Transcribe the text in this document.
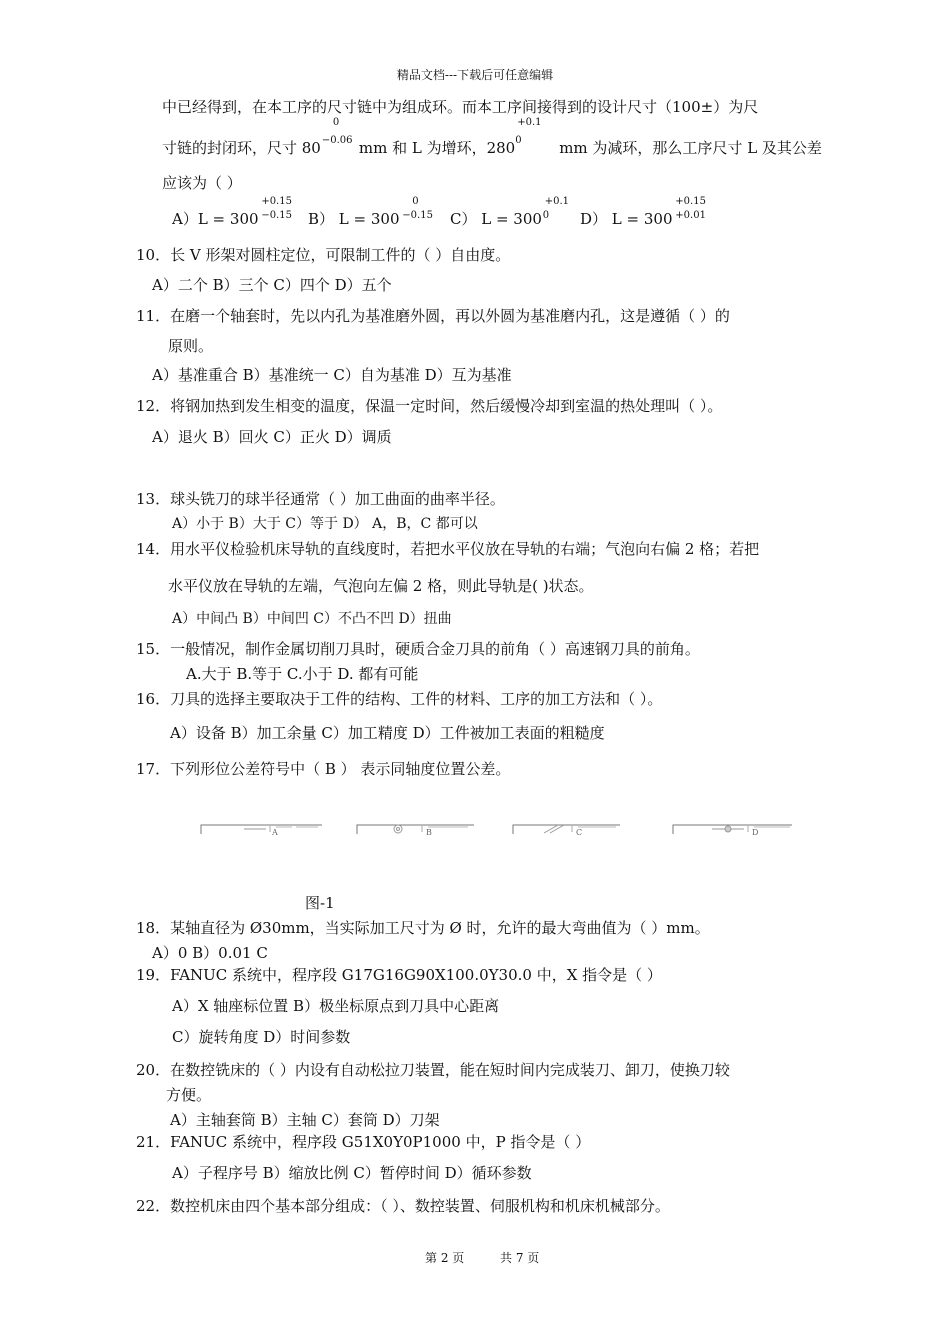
精品文档---下载后可任意编辑
中已经得到，在本工序的尺寸链中为组成环。而本工序间接得到的设计尺寸（100±）为尺
寸链的封闭环，尺寸 80
0
−0.06 mm 和 L 为增环，280
+0.1
0	mm 为减环，那么工序尺寸 L 及其公差
应该为（ ）
A）L = 300
+0.15
−0.15 B） L = 300
0
−0.15 C） L = 300
+0.1
0 D） L = 300
+0.15
+0.01
10．长 V 形架对圆柱定位，可限制工件的（ ）自由度。
A）二个 B）三个 C）四个 D）五个
11．在磨一个轴套时，先以内孔为基准磨外圆，再以外圆为基准磨内孔，这是遵循（ ）的
原则。
A）基准重合 B）基准统一 C）自为基准 D）互为基准
12．将钢加热到发生相变的温度，保温一定时间，然后缓慢冷却到室温的热处理叫（ ）。
A）退火 B）回火 C）正火 D）调质
13．球头铣刀的球半径通常（ ）加工曲面的曲率半径。
A）小于 B）大于 C）等于 D） A，B，C 都可以
14．用水平仪检验机床导轨的直线度时，若把水平仪放在导轨的右端；气泡向右偏 2 格；若把
水平仪放在导轨的左端，气泡向左偏 2 格，则此导轨是( )状态。
A）中间凸 B）中间凹 C）不凸不凹 D）扭曲
15．一般情况，制作金属切削刀具时，硬质合金刀具的前角（ ）高速钢刀具的前角。
A.大于 B.等于 C.小于 D. 都有可能
16．刀具的选择主要取决于工件的结构、工件的材料、工序的加工方法和（ ）。
A）设备 B）加工余量 C）加工精度 D）工件被加工表面的粗糙度
17．下列形位公差符号中（ B ） 表示同轴度位置公差。
A	B	C	D
图-1
18．某轴直径为 Ø30mm，当实际加工尺寸为 Ø 时，允许的最大弯曲值为（ ）mm。
A）0 B）0.01 C
19．FANUC 系统中，程序段 G17G16G90X100.0Y30.0 中，X 指令是（ ）
A）X 轴座标位置 B）极坐标原点到刀具中心距离
C）旋转角度 D）时间参数
20．在数控铣床的（ ）内设有自动松拉刀装置，能在短时间内完成装刀、卸刀，使换刀较
方便。
A）主轴套筒 B）主轴 C）套筒 D）刀架
21．FANUC 系统中，程序段 G51X0Y0P1000 中，P 指令是（ ）
A）子程序号 B）缩放比例 C）暂停时间 D）循环参数
22．数控机床由四个基本部分组成：（ ）、数控装置、伺服机构和机床机械部分。
第 2 页	共 7 页
